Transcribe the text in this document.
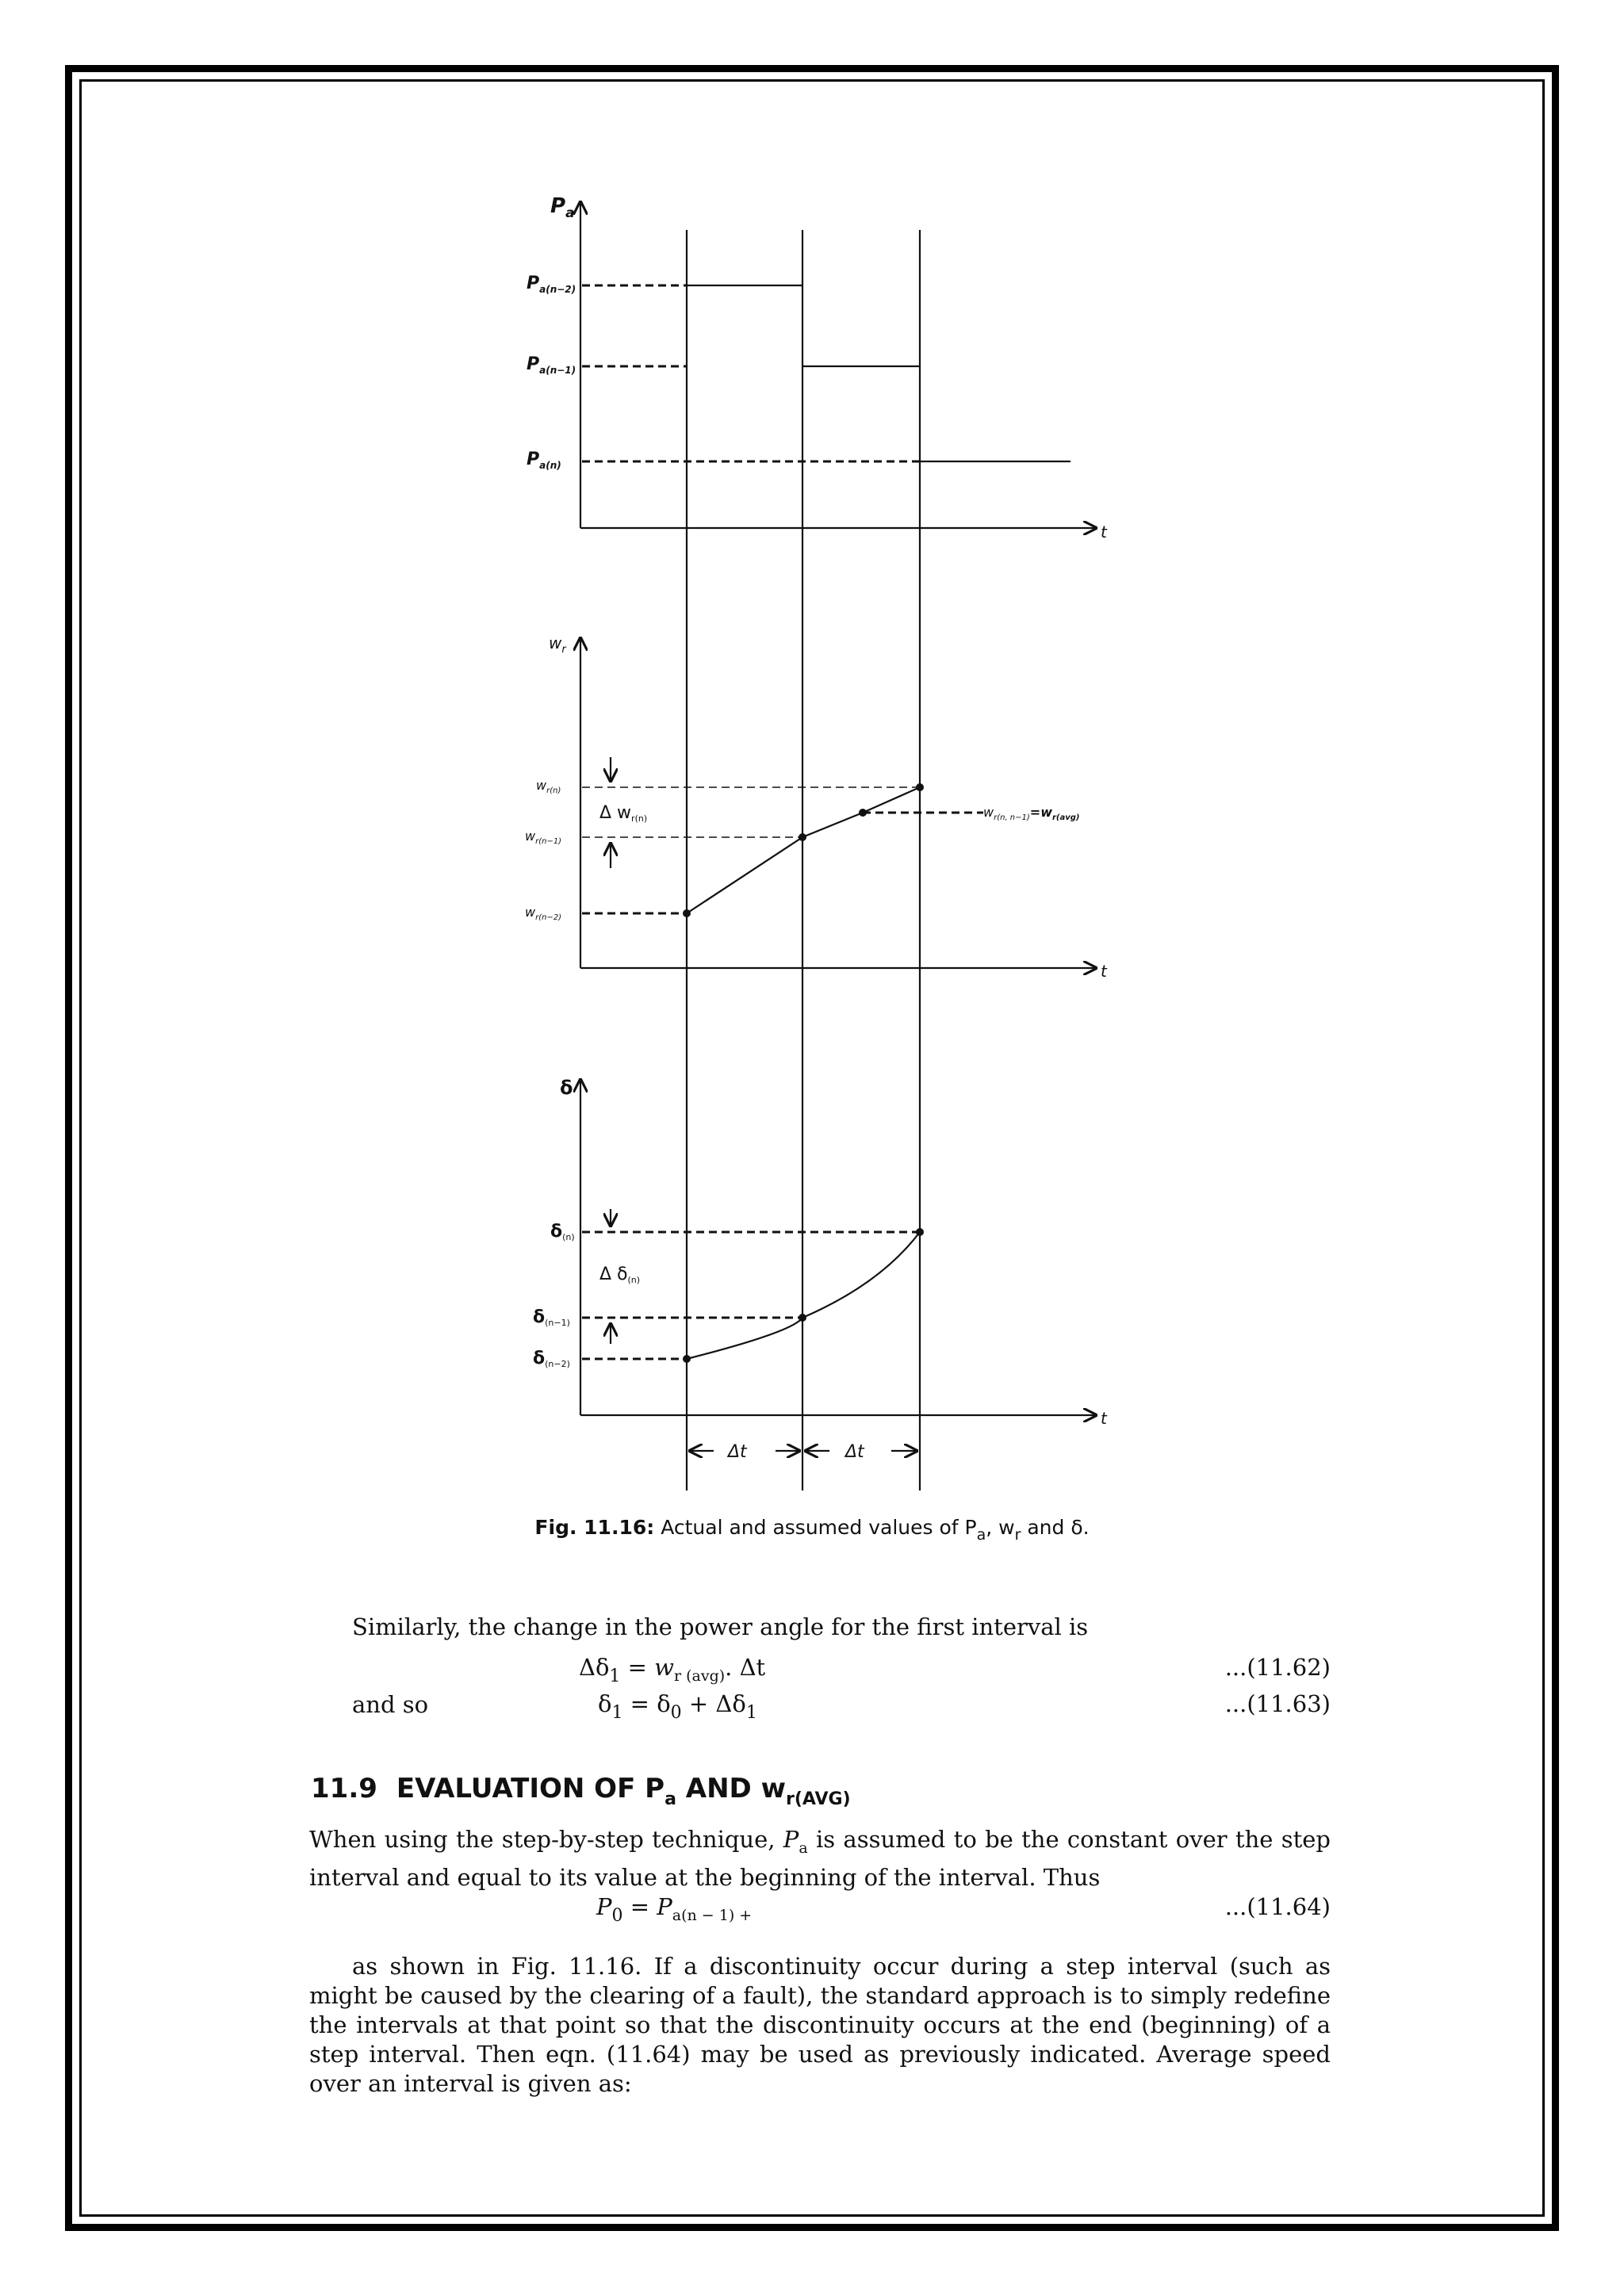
$P_a$
t
$P_{a(n-2)}$
$P_{a(n-1)}$
$P_{a(n)}$
$w_r$
t
$w_{r(n)}$
$w_{r(n-1)}$
$w_{r(n-2)}$
Δ wr(n)	$w_{r(n, n-1)}=w_{r(avg)}$
δ
t
δ(n)
δ(n−1)
δ(n−2)
Δ δ(n)
Δt	Δt
Fig. 11.16: Actual and assumed values of $P_a$, $w_r$ and δ.
Similarly, the change in the power angle for the first interval is
$\Delta\delta_1 = w_{r (avg)}$. Δt	...(11.62)
and so	$\delta_1 = \delta_0 + \Delta\delta_1$	...(11.63)
11.9 EVALUATION OF $P_a$ AND $w_{r(AVG)}$
When using the step-by-step technique, $P_a$ is assumed to be the constant over the step interval and equal to its value at the beginning of the interval. Thus
$P_0 = P_{a(n - 1) +}$	...(11.64)
as shown in Fig. 11.16. If a discontinuity occur during a step interval (such as might be caused by the clearing of a fault), the standard approach is to simply redefine the intervals at that point so that the discontinuity occurs at the end (beginning) of a step interval. Then eqn. (11.64) may be used as previously indicated. Average speed over an interval is given as:
